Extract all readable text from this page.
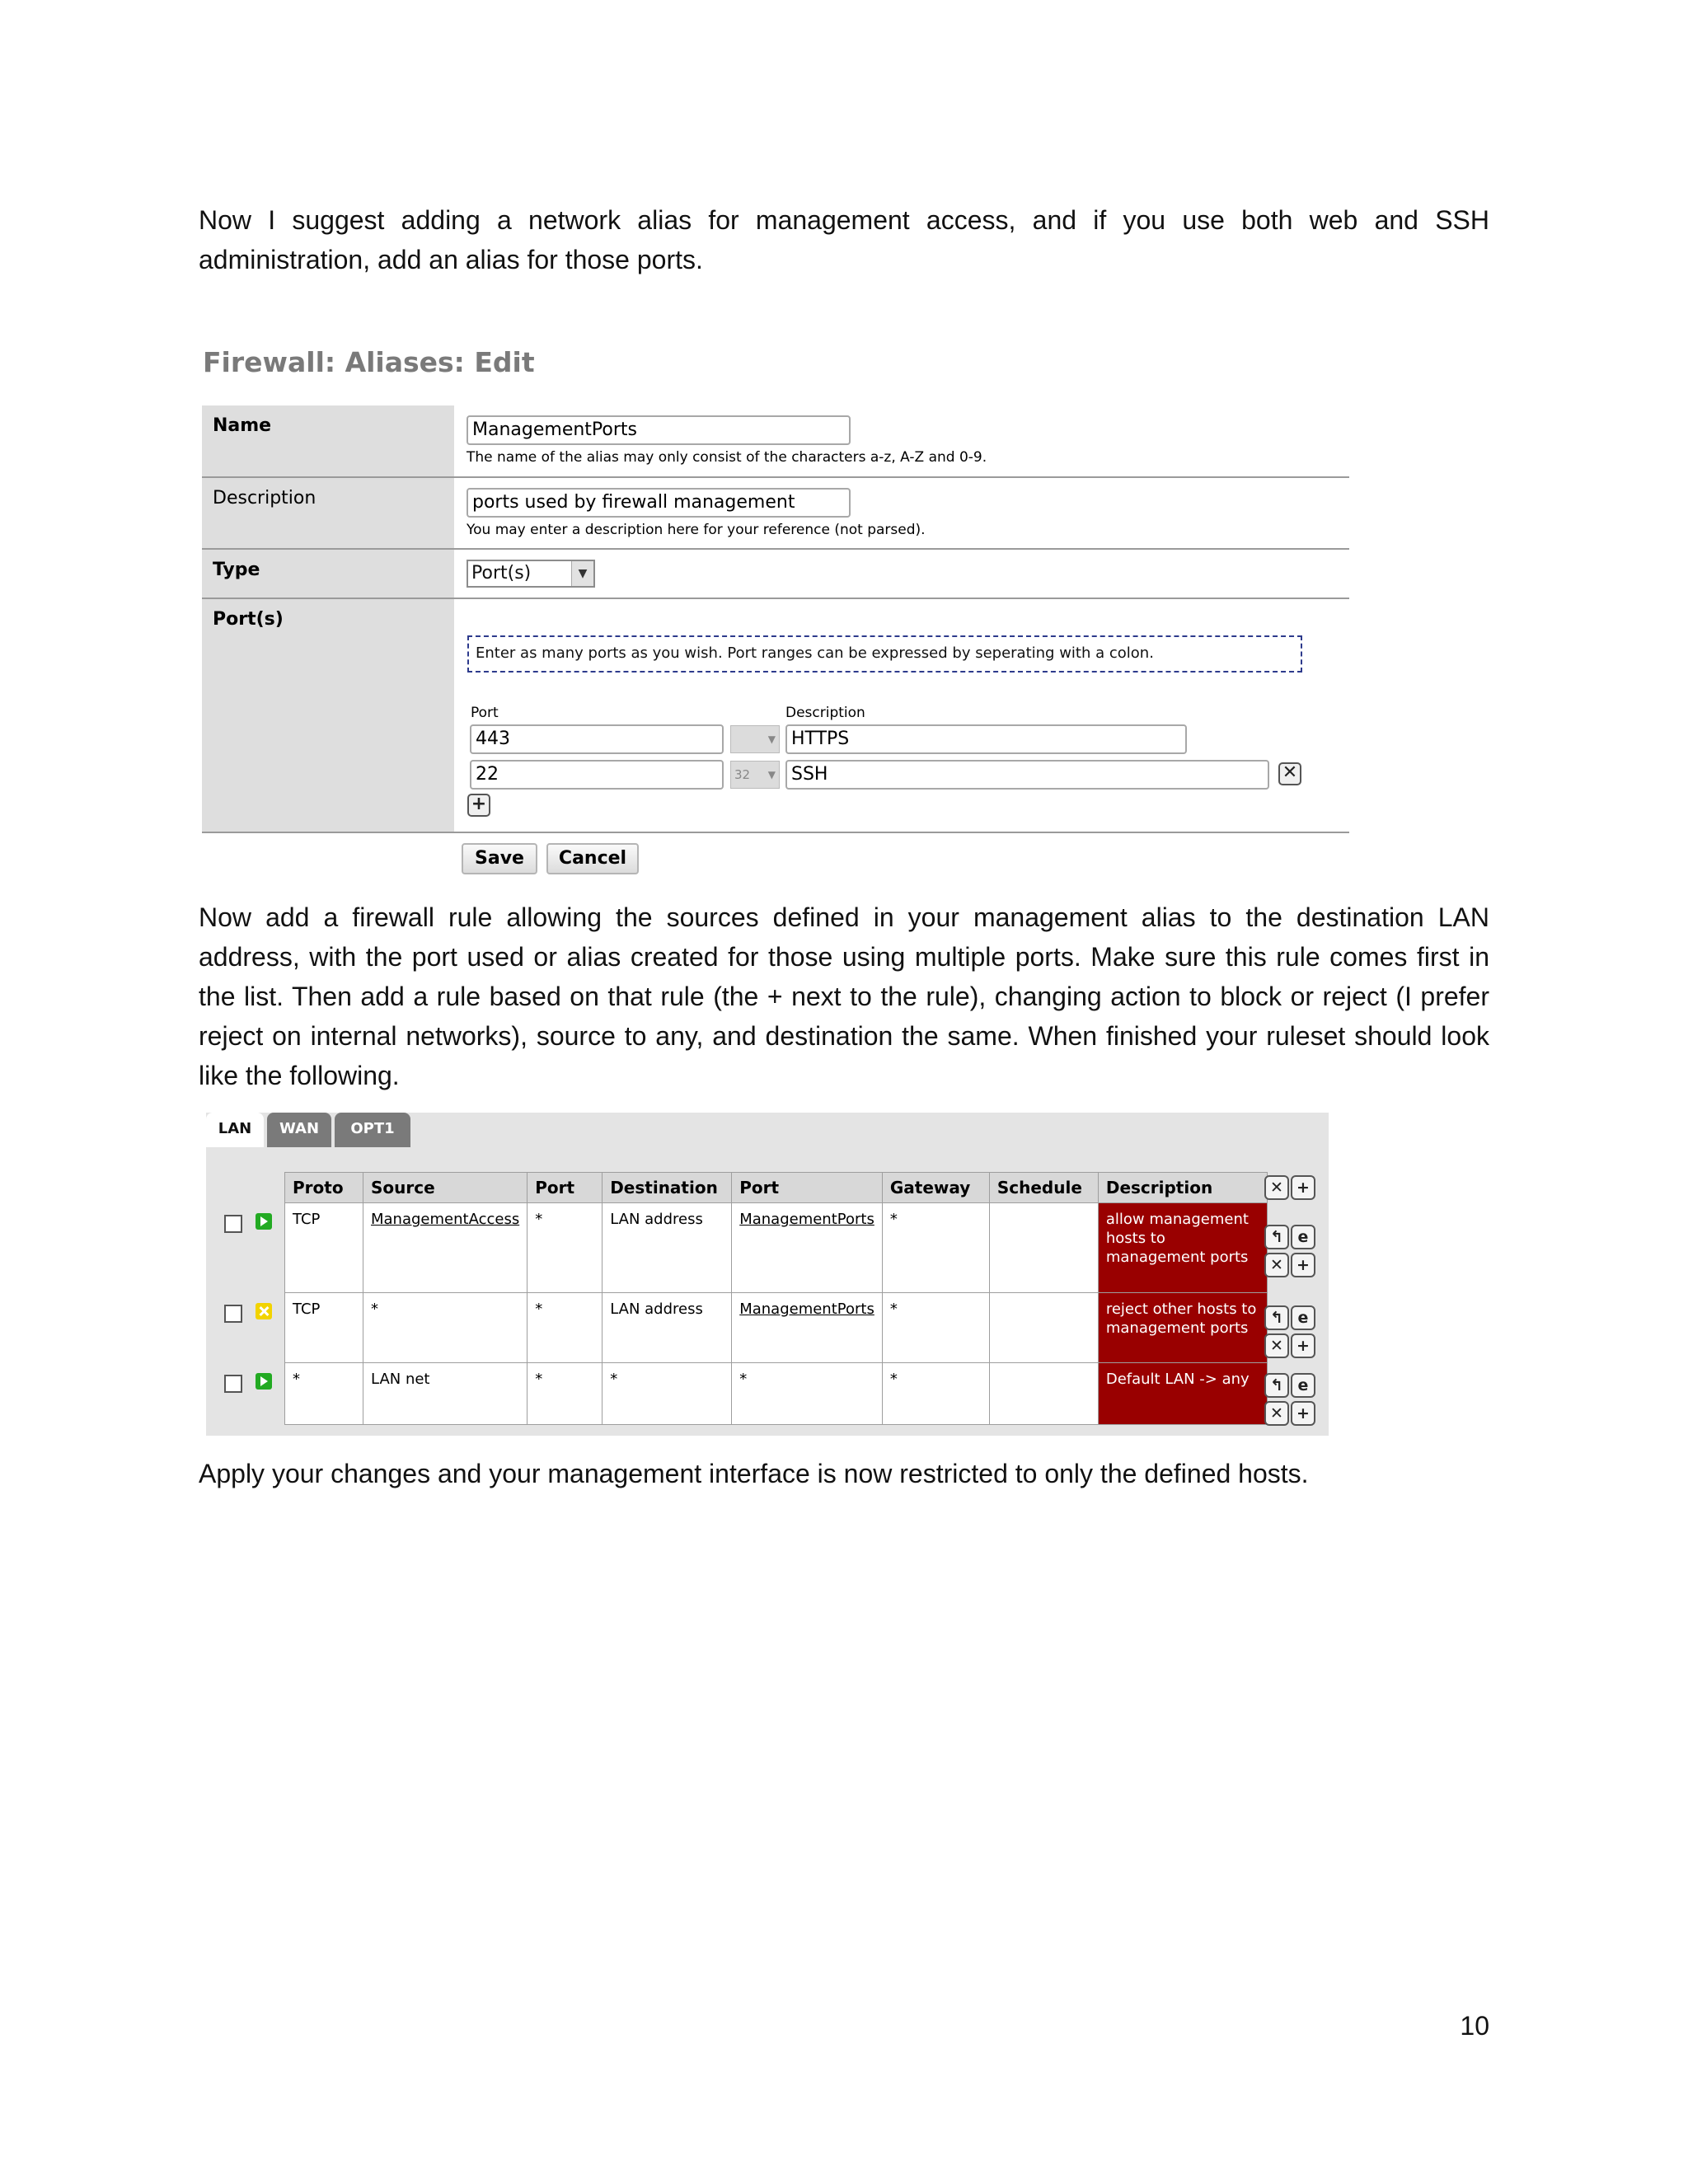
Now I suggest adding a network alias for management access, and if you use both web and SSH administration, add an alias for those ports.

Firewall: Aliases: Edit
Name	ManagementPorts
The name of the alias may only consist of the characters a-z, A-Z and 0-9.
Description	ports used by firewall management
You may enter a description here for your reference (not parsed).
Type	Port(s)	▼
Port(s)
Enter as many ports as you wish. Port ranges can be expressed by seperating with a colon.
Port	Description
443	▼ HTTPS
22	32 ▼ SSH	✕
+
Save	Cancel

Now add a firewall rule allowing the sources defined in your management alias to the destination LAN address, with the port used or alias created for those using multiple ports. Make sure this rule comes first in the list. Then add a rule based on that rule (the + next to the rule), changing action to block or reject (I prefer reject on internal networks), source to any, and destination the same. When finished your ruleset should look like the following.

LAN	WAN	OPT1
Proto	Source	Port	Destination	Port	Gateway	Schedule	Description
TCP	ManagementAccess	*	LAN address	ManagementPorts	*		allow management hosts to management ports
TCP	*	*	LAN address	ManagementPorts	*		reject other hosts to management ports
*	LAN net	*	*	*	*		Default LAN -> any
✕ +
↰ e
✕ +
↰ e
✕ +
↰ e
✕ +

Apply your changes and your management interface is now restricted to only the defined hosts.

10
